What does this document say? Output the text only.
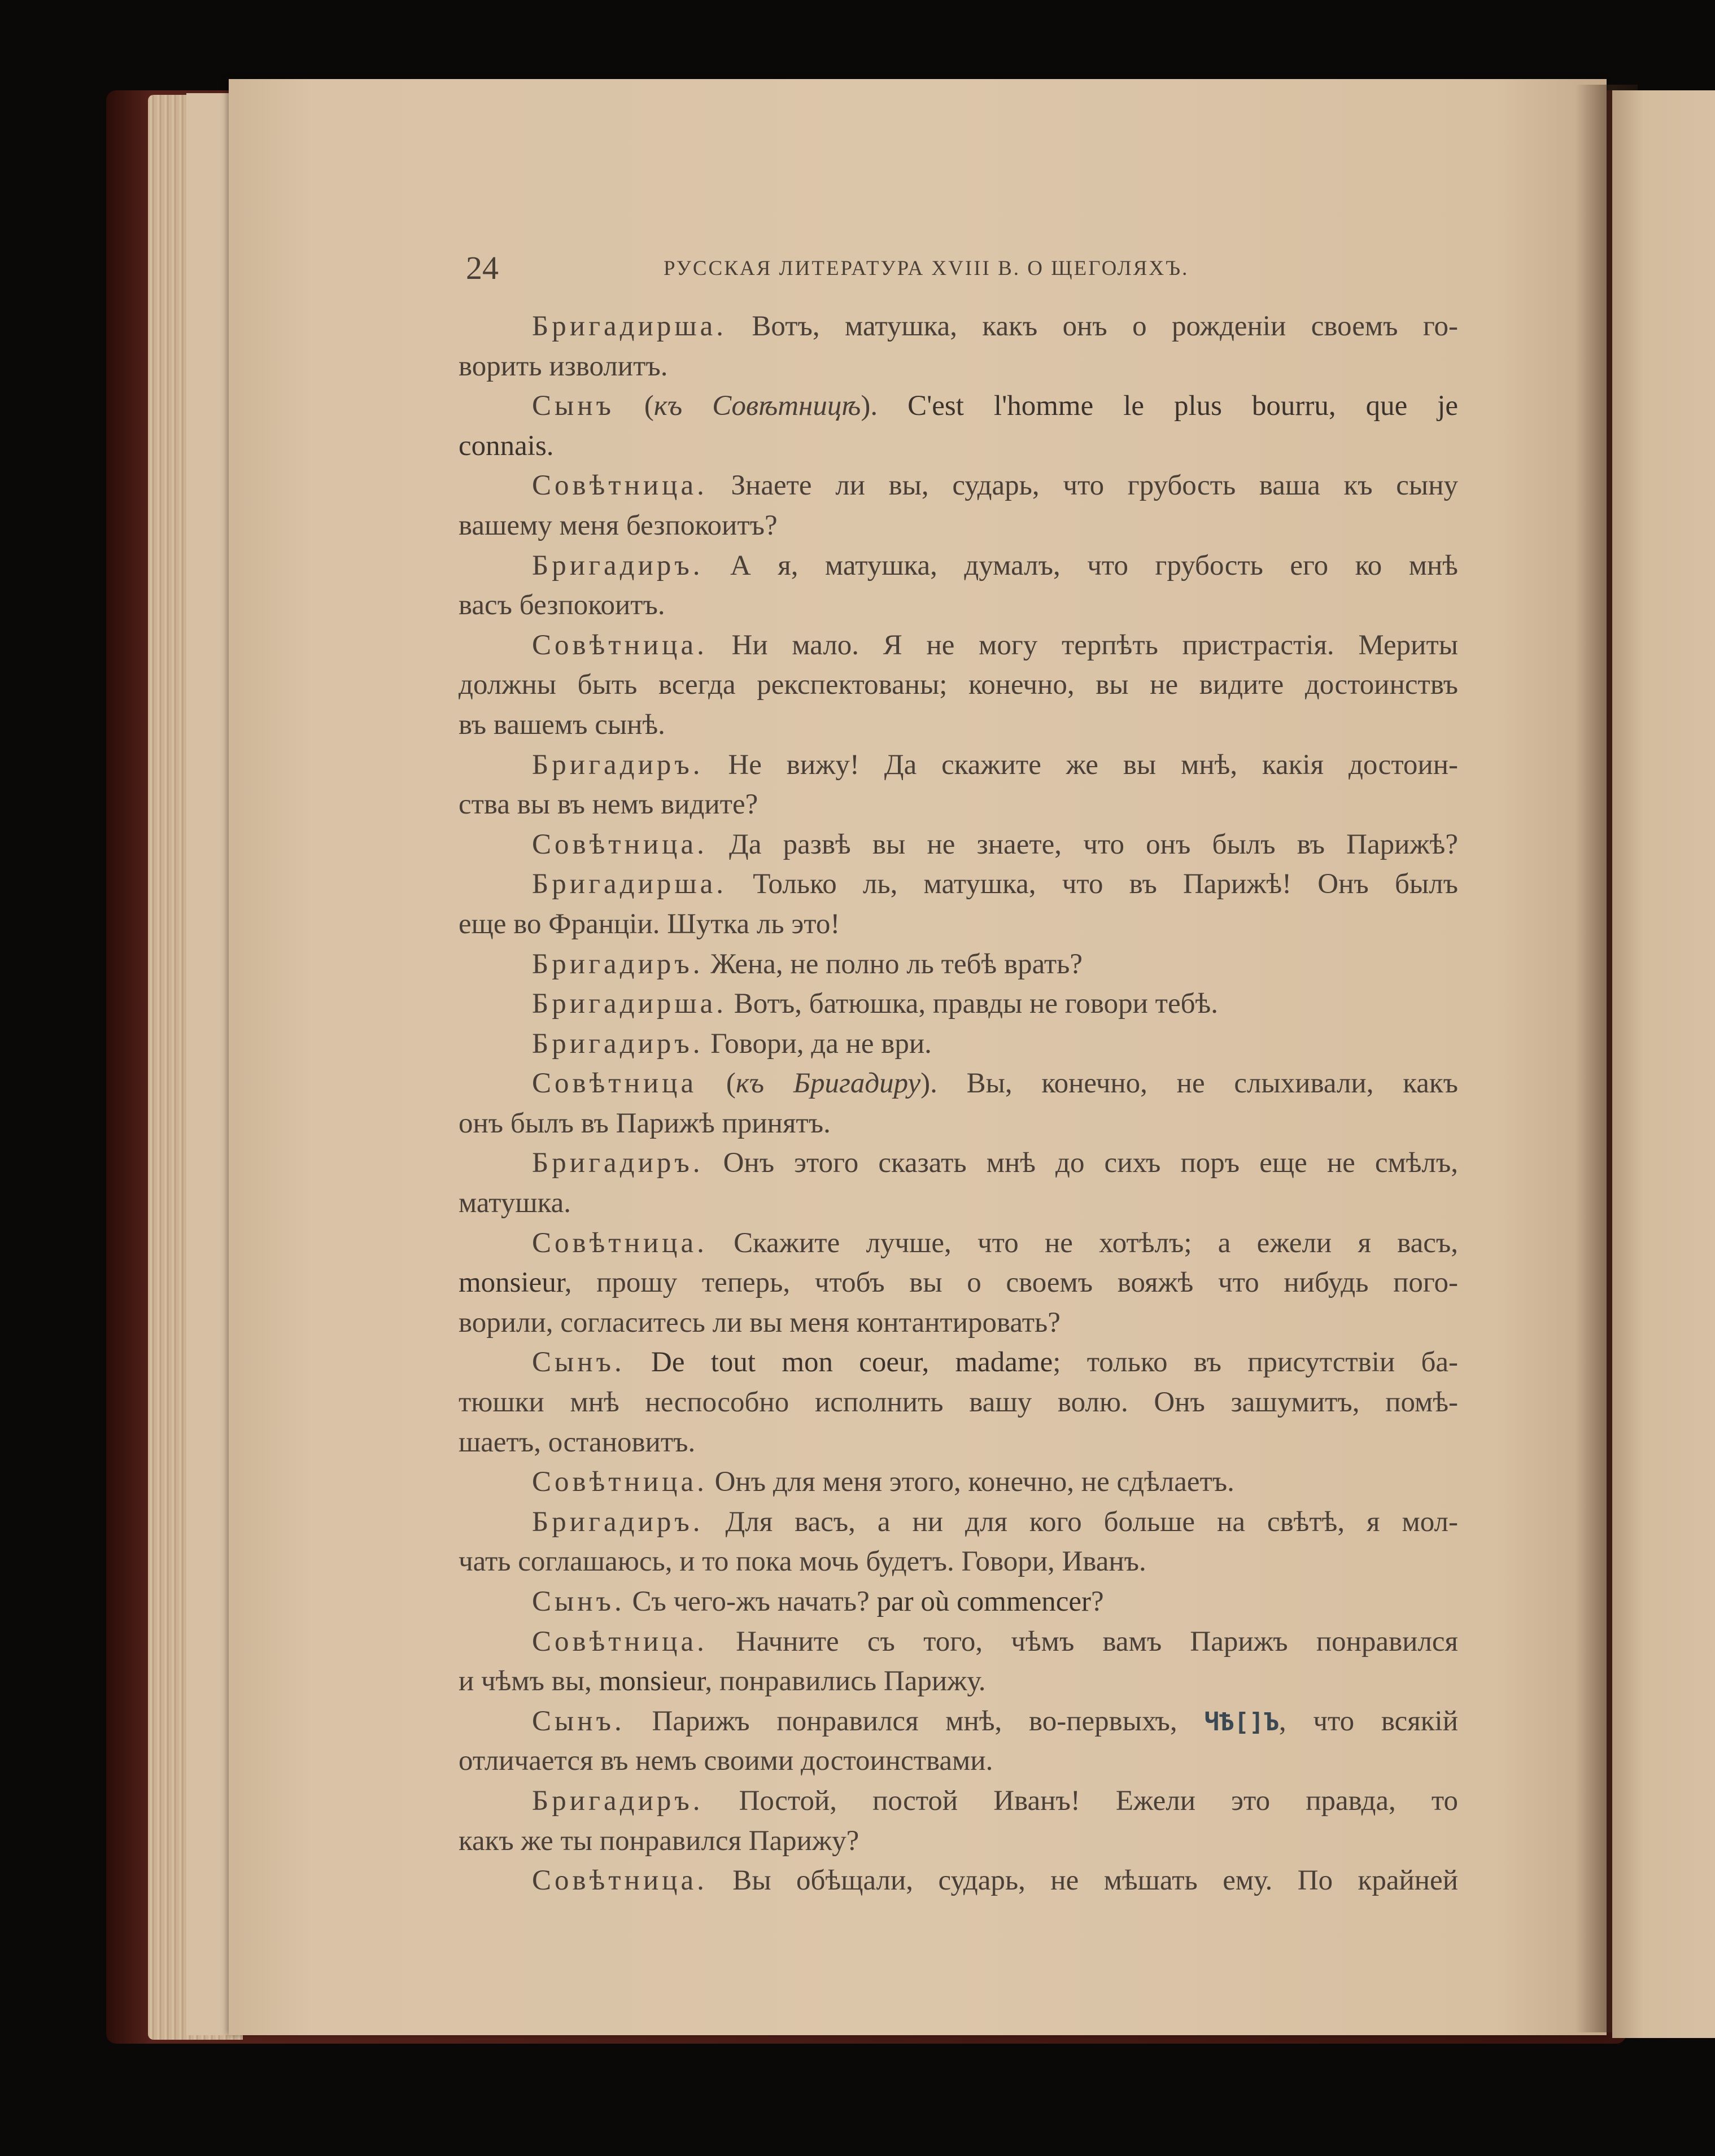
24	РУССКАЯ ЛИТЕРАТУРА XVIII В. О ЩЕГОЛЯХЪ.
Бригадирша. Вотъ, матушка, какъ онъ о рожденіи своемъ го-
ворить изволитъ.
Сынъ (къ Совѣтницѣ). C'est l'homme le plus bourru, que je
connais.
Совѣтница. Знаете ли вы, сударь, что грубость ваша къ сыну
вашему меня безпокоитъ?
Бригадиръ. А я, матушка, думалъ, что грубость его ко мнѣ
васъ безпокоитъ.
Совѣтница. Ни мало. Я не могу терпѣть пристрастія. Мериты
должны быть всегда рекспектованы; конечно, вы не видите достоинствъ
въ вашемъ сынѣ.
Бригадиръ. Не вижу! Да скажите же вы мнѣ, какія достоин-
ства вы въ немъ видите?
Совѣтница. Да развѣ вы не знаете, что онъ былъ въ Парижѣ?
Бригадирша. Только ль, матушка, что въ Парижѣ! Онъ былъ
еще во Франціи. Шутка ль это!
Бригадиръ. Жена, не полно ль тебѣ врать?
Бригадирша. Вотъ, батюшка, правды не говори тебѣ.
Бригадиръ. Говори, да не ври.
Совѣтница (къ Бригадиру). Вы, конечно, не слыхивали, какъ
онъ былъ въ Парижѣ принятъ.
Бригадиръ. Онъ этого сказать мнѣ до сихъ поръ еще не смѣлъ,
матушка.
Совѣтница. Скажите лучше, что не хотѣлъ; а ежели я васъ,
monsieur, прошу теперь, чтобъ вы о своемъ вояжѣ что нибудь пого-
ворили, согласитесь ли вы меня контантировать?
Сынъ. De tout mon coeur, madame; только въ присутствіи ба-
тюшки мнѣ неспособно исполнить вашу волю. Онъ зашумитъ, помѣ-
шаетъ, остановитъ.
Совѣтница. Онъ для меня этого, конечно, не сдѣлаетъ.
Бригадиръ. Для васъ, а ни для кого больше на свѣтѣ, я мол-
чать соглашаюсь, и то пока мочь будетъ. Говори, Иванъ.
Сынъ. Съ чего-жъ начать? par où commencer?
Совѣтница. Начните съ того, чѣмъ вамъ Парижъ понравился
и чѣмъ вы, monsieur, понравились Парижу.
Сынъ. Парижъ понравился мнѣ, во-первыхъ, ЧѢ[]Ъ, что всякій
отличается въ немъ своими достоинствами.
Бригадиръ. Постой, постой Иванъ! Ежели это правда, то
какъ же ты понравился Парижу?
Совѣтница. Вы обѣщали, сударь, не мѣшать ему. По крайней
